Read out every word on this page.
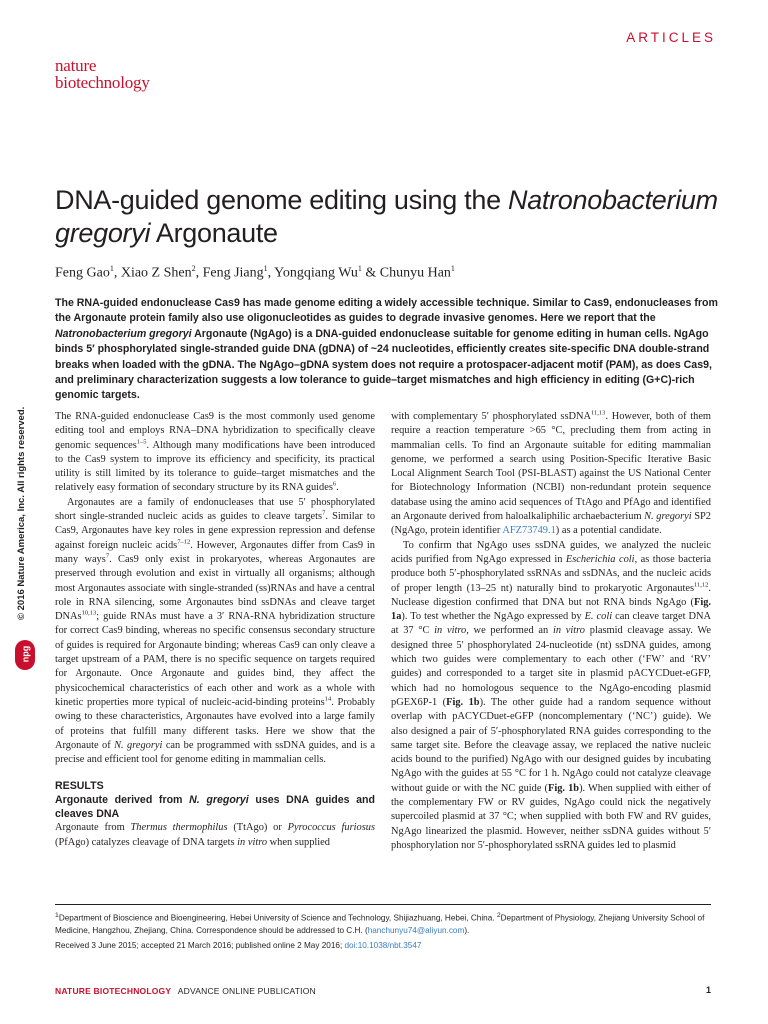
ARTICLES
nature
biotechnology
DNA-guided genome editing using the Natronobacterium gregoryi Argonaute
Feng Gao$^1$, Xiao Z Shen$^2$, Feng Jiang$^1$, Yongqiang Wu$^1$ & Chunyu Han$^1$

The RNA-guided endonuclease Cas9 has made genome editing a widely accessible technique. Similar to Cas9, endonucleases from the Argonaute protein family also use oligonucleotides as guides to degrade invasive genomes. Here we report that the Natronobacterium gregoryi Argonaute (NgAgo) is a DNA-guided endonuclease suitable for genome editing in human cells. NgAgo binds 5′ phosphorylated single-stranded guide DNA (gDNA) of ~24 nucleotides, efficiently creates site-specific DNA double-strand breaks when loaded with the gDNA. The NgAgo–gDNA system does not require a protospacer-adjacent motif (PAM), as does Cas9, and preliminary characterization suggests a low tolerance to guide–target mismatches and high efficiency in editing (G+C)-rich genomic targets.

© 2016 Nature America, Inc. All rights reserved.
npg

The RNA-guided endonuclease Cas9 is the most commonly used genome editing tool and employs RNA–DNA hybridization to specifically cleave genomic sequences$^{1-5}$. Although many modifications have been introduced to the Cas9 system to improve its efficiency and specificity, its practical utility is still limited by its tolerance to guide–target mismatches and the relatively easy formation of secondary structure by its RNA guides$^6$.

Argonautes are a family of endonucleases that use 5′ phosphorylated short single-stranded nucleic acids as guides to cleave targets$^7$. Similar to Cas9, Argonautes have key roles in gene expression repression and defense against foreign nucleic acids$^{7-12}$. However, Argonautes differ from Cas9 in many ways$^7$. Cas9 only exist in prokaryotes, whereas Argonautes are preserved through evolution and exist in virtually all organisms; although most Argonautes associate with single-stranded (ss)RNAs and have a central role in RNA silencing, some Argonautes bind ssDNAs and cleave target DNAs$^{10,13}$; guide RNAs must have a 3′ RNA-RNA hybridization structure for correct Cas9 binding, whereas no specific consensus secondary structure of guides is required for Argonaute binding; whereas Cas9 can only cleave a target upstream of a PAM, there is no specific sequence on targets required for Argonaute. Once Argonaute and guides bind, they affect the physicochemical characteristics of each other and work as a whole with kinetic properties more typical of nucleic-acid-binding proteins$^{14}$. Probably owing to these characteristics, Argonautes have evolved into a large family of proteins that fulfill many different tasks. Here we show that the Argonaute of N. gregoryi can be programmed with ssDNA guides, and is a precise and efficient tool for genome editing in mammalian cells.

RESULTS
Argonaute derived from N. gregoryi uses DNA guides and cleaves DNA

Argonaute from Thermus thermophilus (TtAgo) or Pyrococcus furiosus (PfAgo) catalyzes cleavage of DNA targets in vitro when supplied

with complementary 5′ phosphorylated ssDNA$^{11,13}$. However, both of them require a reaction temperature >65 °C, precluding them from acting in mammalian cells. To find an Argonaute suitable for editing mammalian genome, we performed a search using Position-Specific Iterative Basic Local Alignment Search Tool (PSI-BLAST) against the US National Center for Biotechnology Information (NCBI) non-redundant protein sequence database using the amino acid sequences of TtAgo and PfAgo and identified an Argonaute derived from haloalkaliphilic archaebacterium N. gregoryi SP2 (NgAgo, protein identifier AFZ73749.1) as a potential candidate.

To confirm that NgAgo uses ssDNA guides, we analyzed the nucleic acids purified from NgAgo expressed in Escherichia coli, as those bacteria produce both 5′-phosphorylated ssRNAs and ssDNAs, and the nucleic acids of proper length (13–25 nt) naturally bind to prokaryotic Argonautes$^{11,12}$. Nuclease digestion confirmed that DNA but not RNA binds NgAgo (Fig. 1a). To test whether the NgAgo expressed by E. coli can cleave target DNA at 37 °C in vitro, we performed an in vitro plasmid cleavage assay. We designed three 5′ phosphorylated 24-nucleotide (nt) ssDNA guides, among which two guides were complementary to each other (‘FW’ and ‘RV’ guides) and corresponded to a target site in plasmid pACYCDuet-eGFP, which had no homologous sequence to the NgAgo-encoding plasmid pGEX6P-1 (Fig. 1b). The other guide had a random sequence without overlap with pACYCDuet-eGFP (noncomplementary (‘NC’) guide). We also designed a pair of 5′-phosphorylated RNA guides corresponding to the same target site. Before the cleavage assay, we replaced the native nucleic acids bound to the purified) NgAgo with our designed guides by incubating NgAgo with the guides at 55 °C for 1 h. NgAgo could not catalyze cleavage without guide or with the NC guide (Fig. 1b). When supplied with either of the complementary FW or RV guides, NgAgo could nick the negatively supercoiled plasmid at 37 °C; when supplied with both FW and RV guides, NgAgo linearized the plasmid. However, neither ssDNA guides without 5′ phosphorylation nor 5′-phosphorylated ssRNA guides led to plasmid

$^1$Department of Bioscience and Bioengineering, Hebei University of Science and Technology, Shijiazhuang, Hebei, China. $^2$Department of Physiology, Zhejiang University School of Medicine, Hangzhou, Zhejiang, China. Correspondence should be addressed to C.H. (hanchunyu74@aliyun.com).

Received 3 June 2015; accepted 21 March 2016; published online 2 May 2016; doi:10.1038/nbt.3547

NATURE BIOTECHNOLOGY ADVANCE ONLINE PUBLICATION	1
